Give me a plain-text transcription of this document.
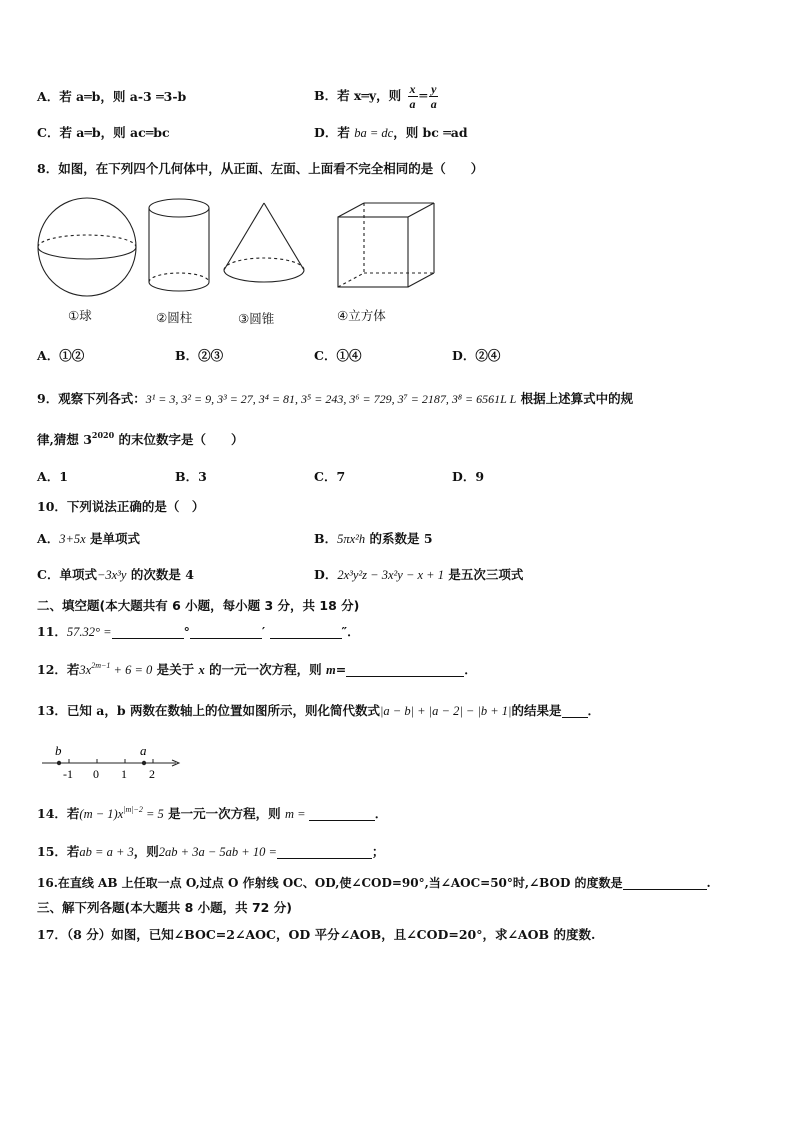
A．若 a═b，则 a-3 ═3-b	B．若 x═y，则 $\frac{x}{a}$ ═ $\frac{y}{a}$
C．若 a═b，则 ac═bc	D．若 ba = dc，则 bc ═ad
8．如图，在下列四个几何体中，从正面、左面、上面看不完全相同的是（　　）
①球	②圆柱	③圆锥	④立方体
A．①②	B．②③	C．①④	D．②④
9．观察下列各式：3¹ = 3, 3² = 9, 3³ = 27, 3⁴ = 81, 3⁵ = 243, 3⁶ = 729, 3⁷ = 2187, 3⁸ = 6561L L 根据上述算式中的规
律,猜想 $3^{2020}$ 的末位数字是（　　）
A．1	B．3	C．7	D．9
10．下列说法正确的是（　）
A．3+5x 是单项式	B．5πx²h 的系数是 5
C．单项式−3x³y 的次数是 4	D．2x³y²z − 3x²y − x + 1 是五次三项式
二、填空题(本大题共有 6 小题，每小题 3 分，共 18 分)
11．57.32° =	°	′	″．
12．若$3x^{2m-1} + 6 = 0$ 是关于 x 的一元一次方程，则 m=	．
13．已知 a，b 两数在数轴上的位置如图所示，则化简代数式|a − b| + |a − 2| − |b + 1|的结果是 ．
b	a
-1 0 1 2
14．若$(m - 1)x^{|m|-2} = 5$ 是一元一次方程，则 m =	．
15．若ab = a + 3，则2ab + 3a − 5ab + 10 =	；
16.在直线 AB 上任取一点 O,过点 O 作射线 OC、OD,使∠COD=90°,当∠AOC=50°时,∠BOD 的度数是	.
三、解下列各题(本大题共 8 小题，共 72 分)
17．（8 分）如图，已知∠BOC=2∠AOC，OD 平分∠AOB，且∠COD=20°，求∠AOB 的度数.
